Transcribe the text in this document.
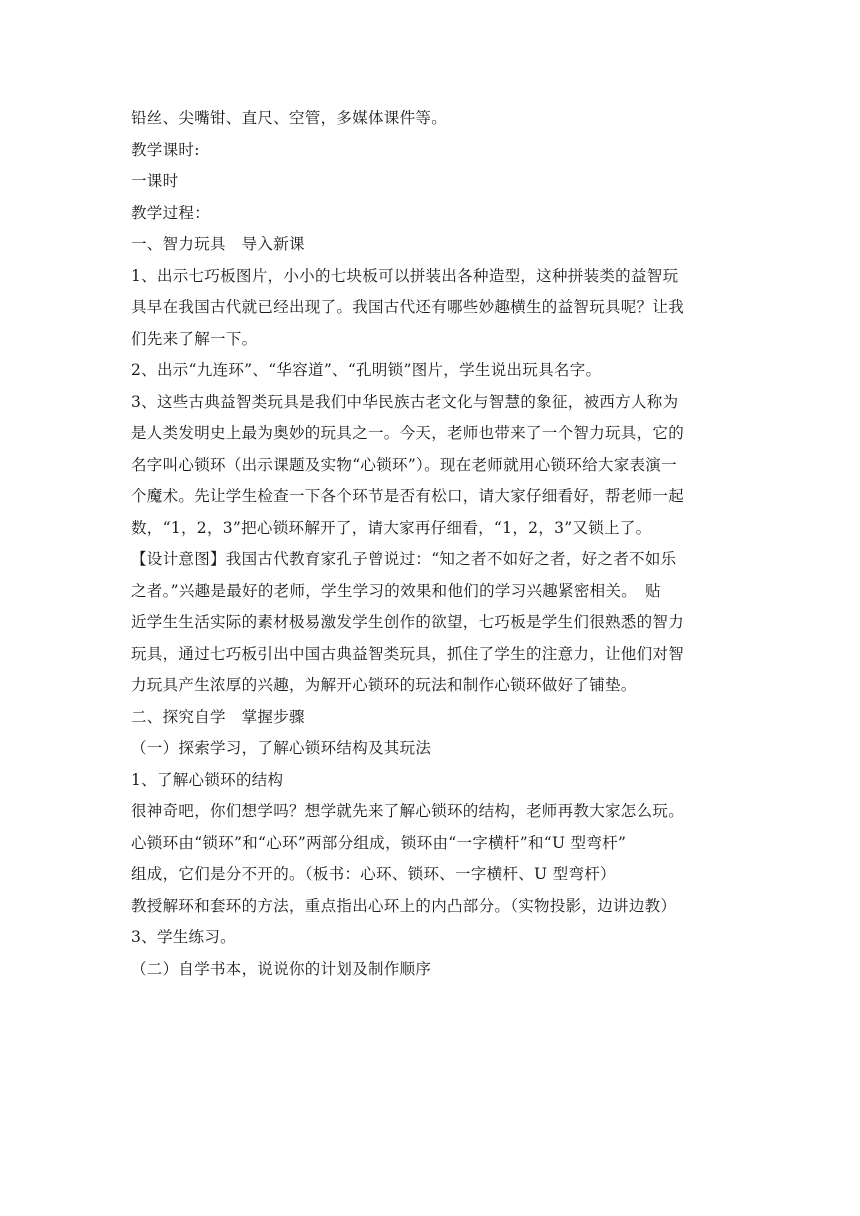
铅丝、尖嘴钳、直尺、空管，多媒体课件等。
教学课时:
一课时
教学过程：
一、智力玩具　导入新课
1、出示七巧板图片，小小的七块板可以拼装出各种造型，这种拼装类的益智玩
具早在我国古代就已经出现了。我国古代还有哪些妙趣横生的益智玩具呢？让我
们先来了解一下。
2、出示“九连环”、“华容道”、“孔明锁”图片，学生说出玩具名字。
3、这些古典益智类玩具是我们中华民族古老文化与智慧的象征，被西方人称为
是人类发明史上最为奥妙的玩具之一。今天，老师也带来了一个智力玩具，它的
名字叫心锁环（出示课题及实物“心锁环”）。现在老师就用心锁环给大家表演一
个魔术。先让学生检查一下各个环节是否有松口，请大家仔细看好，帮老师一起
数，“1，2，3”把心锁环解开了，请大家再仔细看，“1，2，3”又锁上了。
【设计意图】我国古代教育家孔子曾说过：“知之者不如好之者，好之者不如乐
之者。”兴趣是最好的老师，学生学习的效果和他们的学习兴趣紧密相关。　贴
近学生生活实际的素材极易激发学生创作的欲望，七巧板是学生们很熟悉的智力
玩具，通过七巧板引出中国古典益智类玩具，抓住了学生的注意力，让他们对智
力玩具产生浓厚的兴趣，为解开心锁环的玩法和制作心锁环做好了铺垫。
二、探究自学　掌握步骤
（一）探索学习，了解心锁环结构及其玩法
1、了解心锁环的结构
很神奇吧，你们想学吗？想学就先来了解心锁环的结构，老师再教大家怎么玩。
心锁环由“锁环”和“心环”两部分组成，锁环由“一字横杆”和“U 型弯杆”
组成，它们是分不开的。（板书：心环、锁环、一字横杆、U 型弯杆）
教授解环和套环的方法，重点指出心环上的内凸部分。（实物投影，边讲边教）
3、学生练习。
（二）自学书本，说说你的计划及制作顺序
